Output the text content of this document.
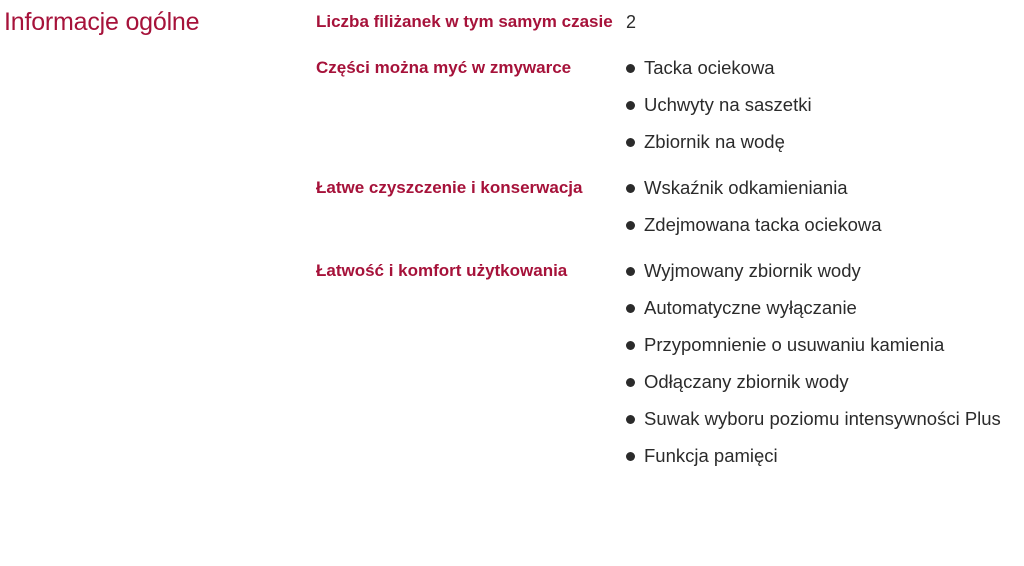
Informacje ogólne	Liczba filiżanek w tym samym czasie 2
Części można myć w zmywarce	Tacka ociekowa
Uchwyty na saszetki
Zbiornik na wodę
Łatwe czyszczenie i konserwacja	Wskaźnik odkamieniania
Zdejmowana tacka ociekowa
Łatwość i komfort użytkowania	Wyjmowany zbiornik wody
Automatyczne wyłączanie
Przypomnienie o usuwaniu kamienia
Odłączany zbiornik wody
Suwak wyboru poziomu intensywności Plus
Funkcja pamięci
